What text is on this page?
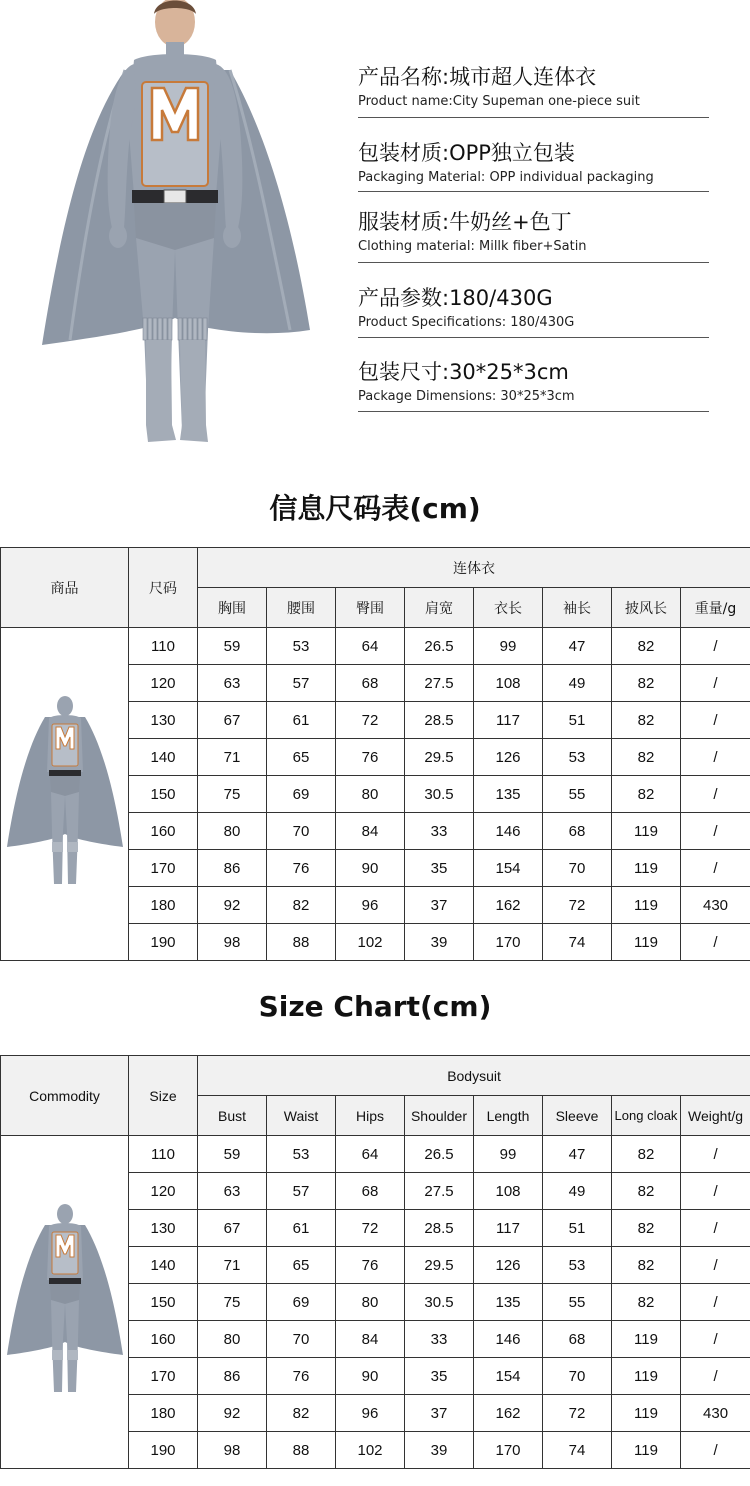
产品名称:城市超人连体衣
Product name:City Supeman one-piece suit
包装材质:OPP独立包装
Packaging Material: OPP individual packaging
服装材质:牛奶丝+色丁
Clothing material: Millk fiber+Satin
产品参数:180/430G
Product Specifications: 180/430G
包装尺寸:30*25*3cm
Package Dimensions: 30*25*3cm
信息尺码表(cm)
商品	尺码	连体衣							
		胸围	腰围	臀围	肩宽	衣长	袖长	披风长	重量/g
	110	59	53	64	26.5	99	47	82	/
	120	63	57	68	27.5	108	49	82	/
	130	67	61	72	28.5	117	51	82	/
	140	71	65	76	29.5	126	53	82	/
	150	75	69	80	30.5	135	55	82	/
	160	80	70	84	33	146	68	119	/
	170	86	76	90	35	154	70	119	/
	180	92	82	96	37	162	72	119	430
	190	98	88	102	39	170	74	119	/
Size Chart(cm)
Commodity	Size	Bodysuit							
		Bust	Waist	Hips	Shoulder	Length	Sleeve	Long cloak	Weight/g
	110	59	53	64	26.5	99	47	82	/
	120	63	57	68	27.5	108	49	82	/
	130	67	61	72	28.5	117	51	82	/
	140	71	65	76	29.5	126	53	82	/
	150	75	69	80	30.5	135	55	82	/
	160	80	70	84	33	146	68	119	/
	170	86	76	90	35	154	70	119	/
	180	92	82	96	37	162	72	119	430
	190	98	88	102	39	170	74	119	/
